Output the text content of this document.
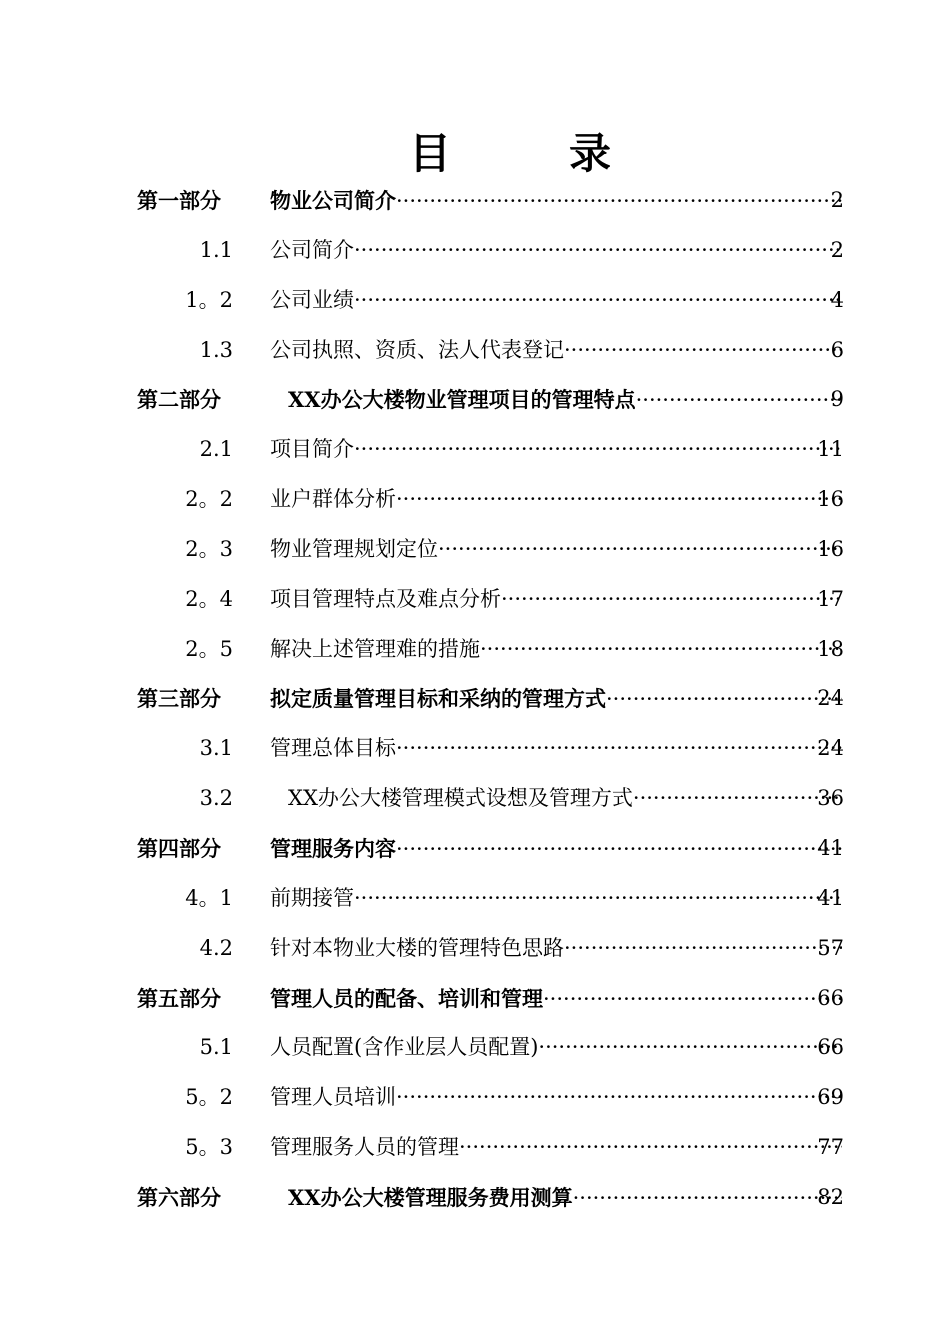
目	录
第一部分 物业公司简介 ·····	2
1.1 公司简介 ·····	2
1。2 公司业绩 ·····	4
1.3 公司执照、资质、法人代表登记 ·····	6
第二部分	XX办公大楼物业管理项目的管理特点 ·····	9
2.1 项目简介 ·····	11
2。2 业户群体分析 ·····	16
2。3 物业管理规划定位 ·····	16
2。4 项目管理特点及难点分析 ·····	17
2。5 解决上述管理难的措施 ·····	18
第三部分 拟定质量管理目标和采纳的管理方式 ·····	24
3.1 管理总体目标 ·····	24
3.2	XX办公大楼管理模式设想及管理方式 ·····	36
第四部分 管理服务内容 ·····	41
4。1 前期接管 ·····	41
4.2 针对本物业大楼的管理特色思路 ·····	57
第五部分 管理人员的配备、培训和管理 ·····	66
5.1 人员配置(含作业层人员配置) ·····	66
5。2 管理人员培训 ·····	69
5。3 管理服务人员的管理 ·····	77
第六部分	XX办公大楼管理服务费用测算 ·····	82
